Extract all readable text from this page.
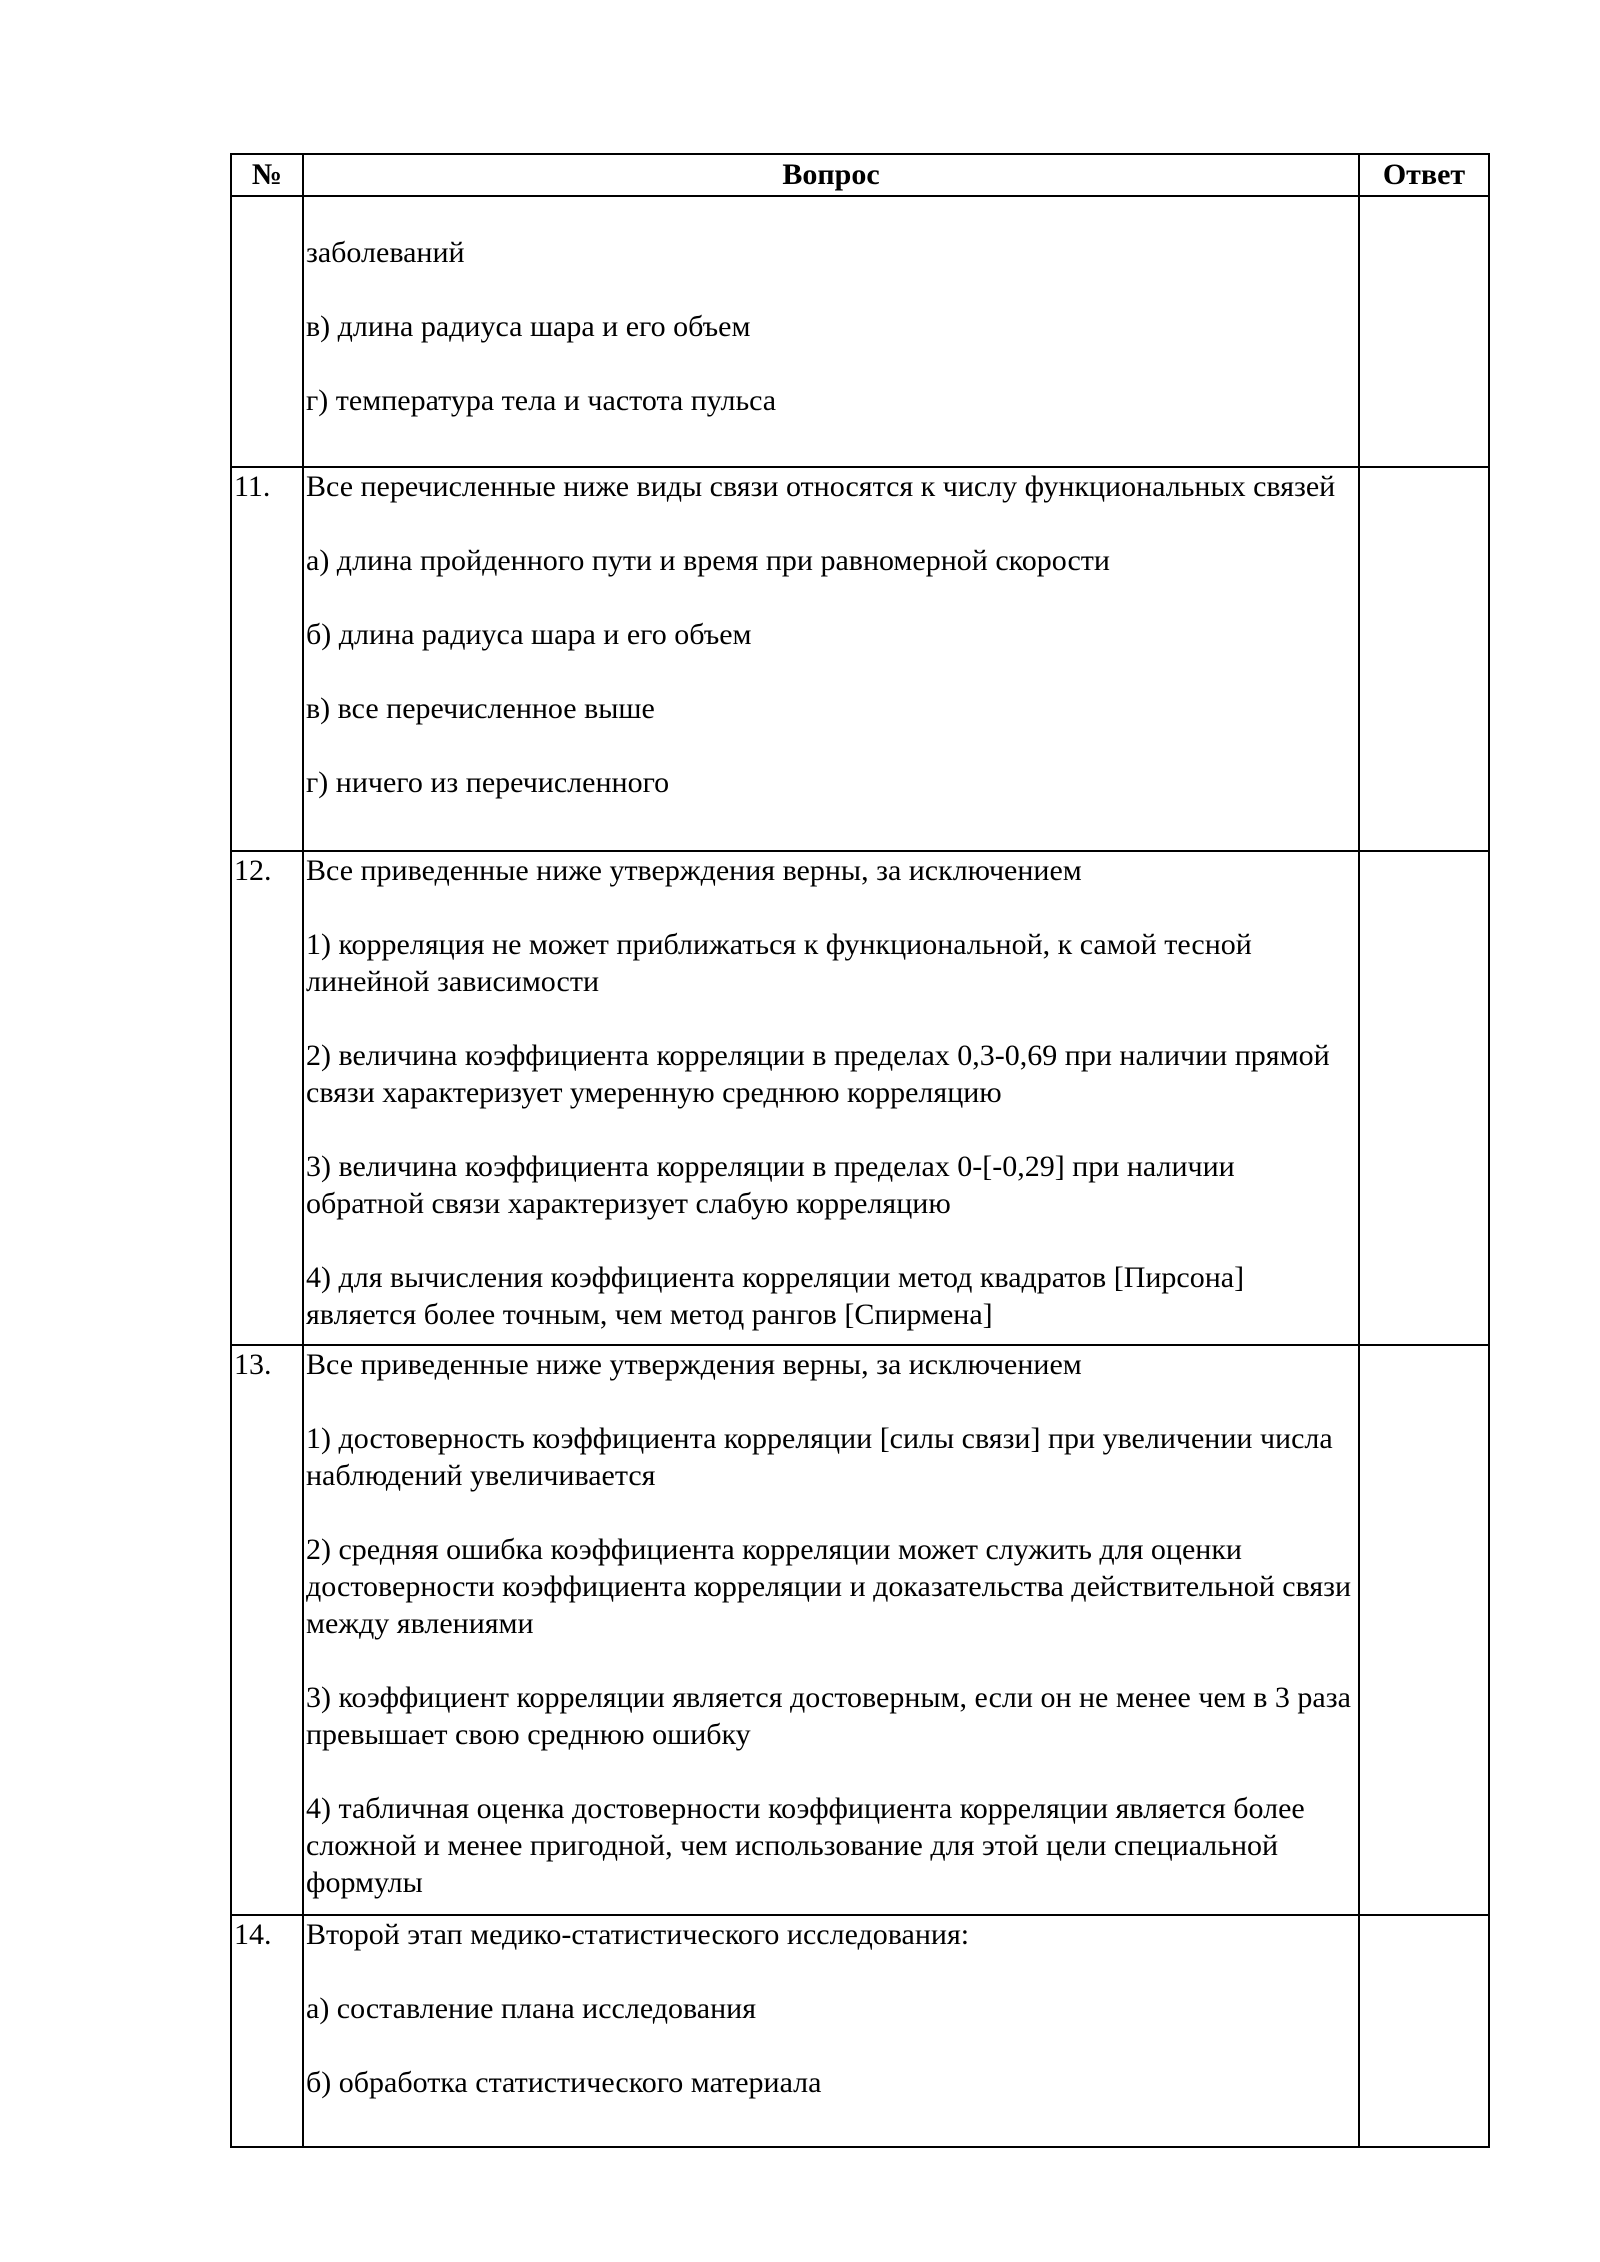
№	Вопрос	Ответ

	заболеваний
в) длина радиуса шара и его объем
г) температура тела и частота пульса	

11.	Все перечисленные ниже виды связи относятся к числу функциональных связей
а) длина пройденного пути и время при равномерной скорости
б) длина радиуса шара и его объем
в) все перечисленное выше
г) ничего из перечисленного	

12.	Все приведенные ниже утверждения верны, за исключением
1) корреляция не может приближаться к функциональной, к самой тесной линейной зависимости
2) величина коэффициента корреляции в пределах 0,3-0,69 при наличии прямой связи характеризует умеренную среднюю корреляцию
3) величина коэффициента корреляции в пределах 0-[-0,29] при наличии обратной связи характеризует слабую корреляцию
4) для вычисления коэффициента корреляции метод квадратов [Пирсона] является более точным, чем метод рангов [Спирмена]	

13.	Все приведенные ниже утверждения верны, за исключением
1) достоверность коэффициента корреляции [силы связи] при увеличении числа наблюдений увеличивается
2) средняя ошибка коэффициента корреляции может служить для оценки достоверности коэффициента корреляции и доказательства действительной связи между явлениями
3) коэффициент корреляции является достоверным, если он не менее чем в 3 раза превышает свою среднюю ошибку
4) табличная оценка достоверности коэффициента корреляции является более сложной и менее пригодной, чем использование для этой цели специальной формулы	

14.	Второй этап медико-статистического исследования:
а) составление плана исследования
б) обработка статистического материала	
